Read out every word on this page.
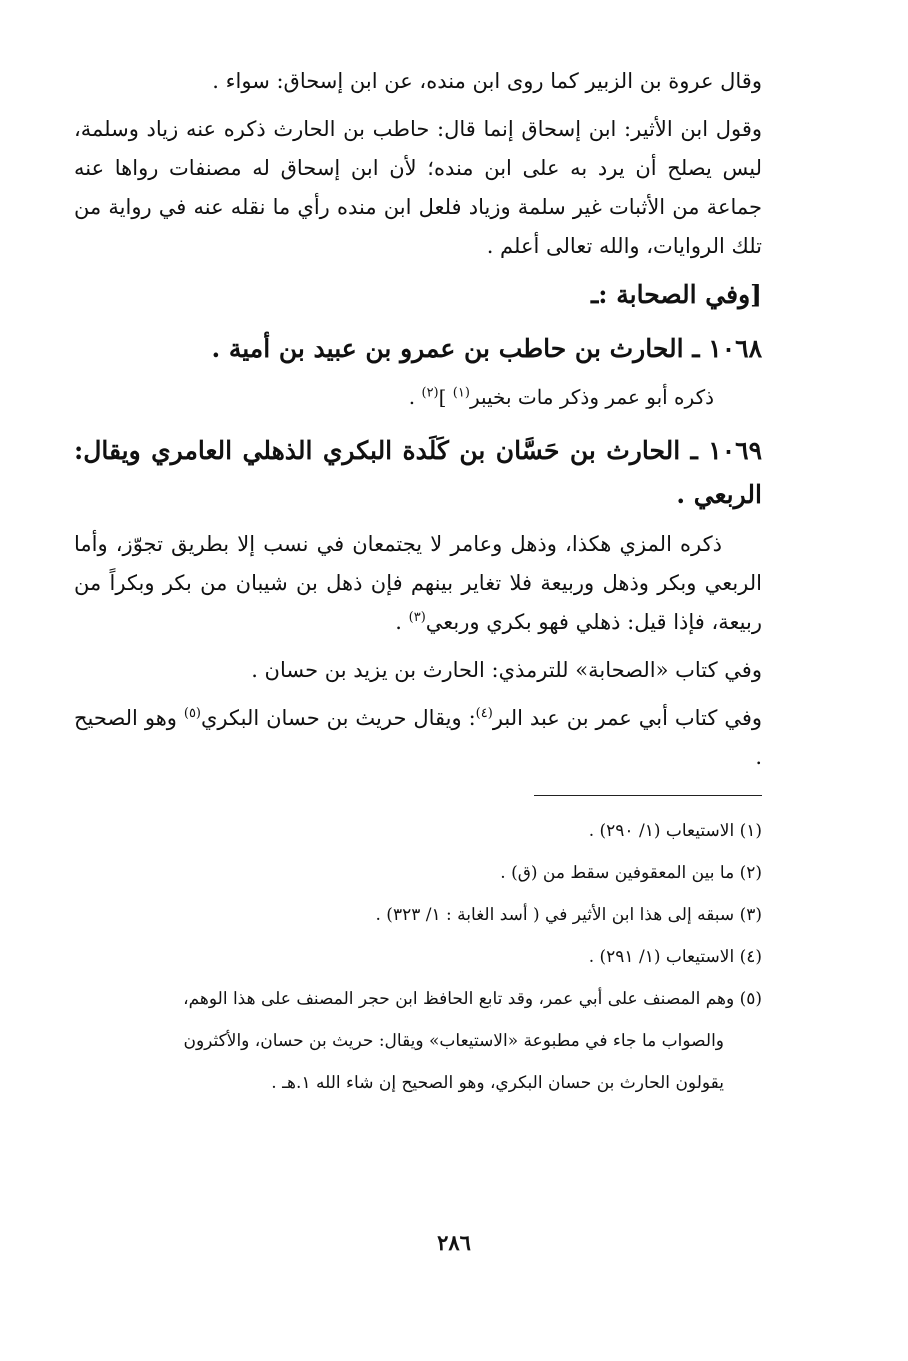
وقال عروة بن الزبير كما روى ابن منده، عن ابن إسحاق: سواء .

وقول ابن الأثير: ابن إسحاق إنما قال: حاطب بن الحارث ذكره عنه زياد وسلمة، ليس يصلح أن يرد به على ابن منده؛ لأن ابن إسحاق له مصنفات رواها عنه جماعة من الأثبات غير سلمة وزياد فلعل ابن منده رأي ما نقله عنه في رواية من تلك الروايات، والله تعالى أعلم .

[وفي الصحابة :ـ
١٠٦٨ ـ الحارث بن حاطب بن عمرو بن عبيد بن أمية .
ذكره أبو عمر وذكر مات بخيبر$^{(١)}$ ]$^{(٢)}$ .
١٠٦٩ ـ الحارث بن حَسَّان بن كَلَدة البكري الذهلي العامري ويقال: الربعي .

ذكره المزي هكذا، وذهل وعامر لا يجتمعان في نسب إلا بطريق تجوّز، وأما الربعي وبكر وذهل وربيعة فلا تغاير بينهم فإن ذهل بن شيبان من بكر وبكراً من ربيعة، فإذا قيل: ذهلي فهو بكري وربعي$^{(٣)}$ .

وفي كتاب «الصحابة» للترمذي: الحارث بن يزيد بن حسان .

وفي كتاب أبي عمر بن عبد البر$^{(٤)}$: ويقال حريث بن حسان البكري$^{(٥)}$ وهو الصحيح .

(١) الاستيعاب (١/ ٢٩٠) .

(٢) ما بين المعقوفين سقط من (ق) .

(٣) سبقه إلى هذا ابن الأثير في ( أسد الغابة : ١/ ٣٢٣) .

(٤) الاستيعاب (١/ ٢٩١) .

(٥) وهم المصنف على أبي عمر، وقد تابع الحافظ ابن حجر المصنف على هذا الوهم،

والصواب ما جاء في مطبوعة «الاستيعاب» ويقال: حريث بن حسان، والأكثرون

يقولون الحارث بن حسان البكري، وهو الصحيح إن شاء الله ١.هـ .

٢٨٦
